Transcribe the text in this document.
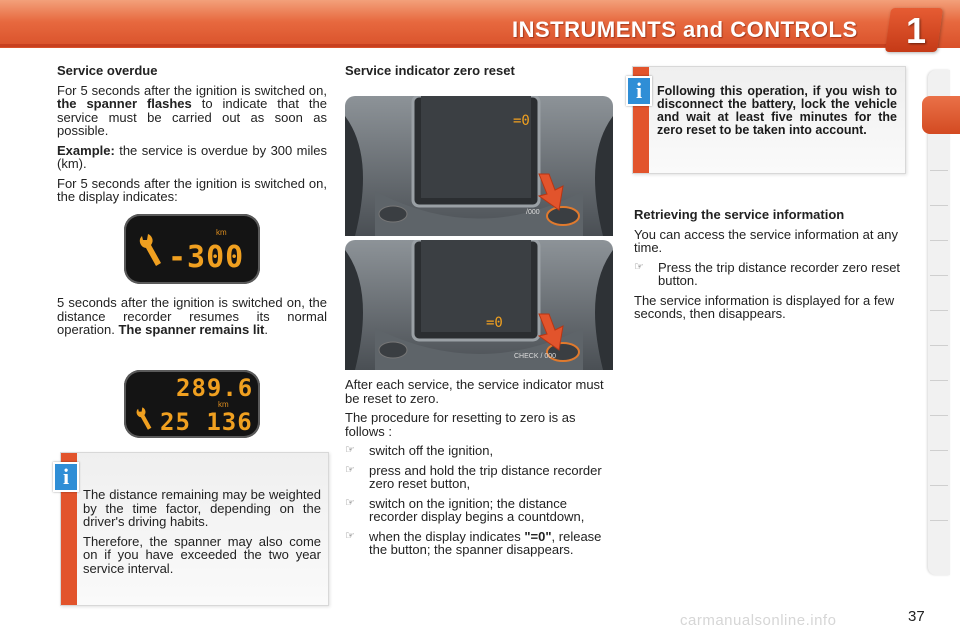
INSTRUMENTS and CONTROLS 1
Service overdue

For 5 seconds after the ignition is switched on, the spanner flashes to indicate that the service must be carried out as soon as possible.

Example: the service is overdue by 300 miles (km).

For 5 seconds after the ignition is switched on, the display indicates:

km
-300

5 seconds after the ignition is switched on, the distance recorder resumes its normal operation. The spanner remains lit.

289.6
km
25 136
i

The distance remaining may be weighted by the time factor, depending on the driver's driving habits.

Therefore, the spanner may also come on if you have exceeded the two year service interval.

Service indicator zero reset
=0
/000
=0
CHECK / 000

After each service, the service indicator must be reset to zero.

The procedure for resetting to zero is as follows :

☞	switch off the ignition,
☞	press and hold the trip distance recorder zero reset button,
☞	switch on the ignition; the distance recorder display begins a countdown,
☞	when the display indicates "=0", release the button; the spanner disappears.
i	Following this operation, if you wish to disconnect the battery, lock the vehicle and wait at least five minutes for the zero reset to be taken into account.
Retrieving the service information

You can access the service information at any time.

☞	Press the trip distance recorder zero reset button.

The service information is displayed for a few seconds, then disappears.

carmanualsonline.info	37
